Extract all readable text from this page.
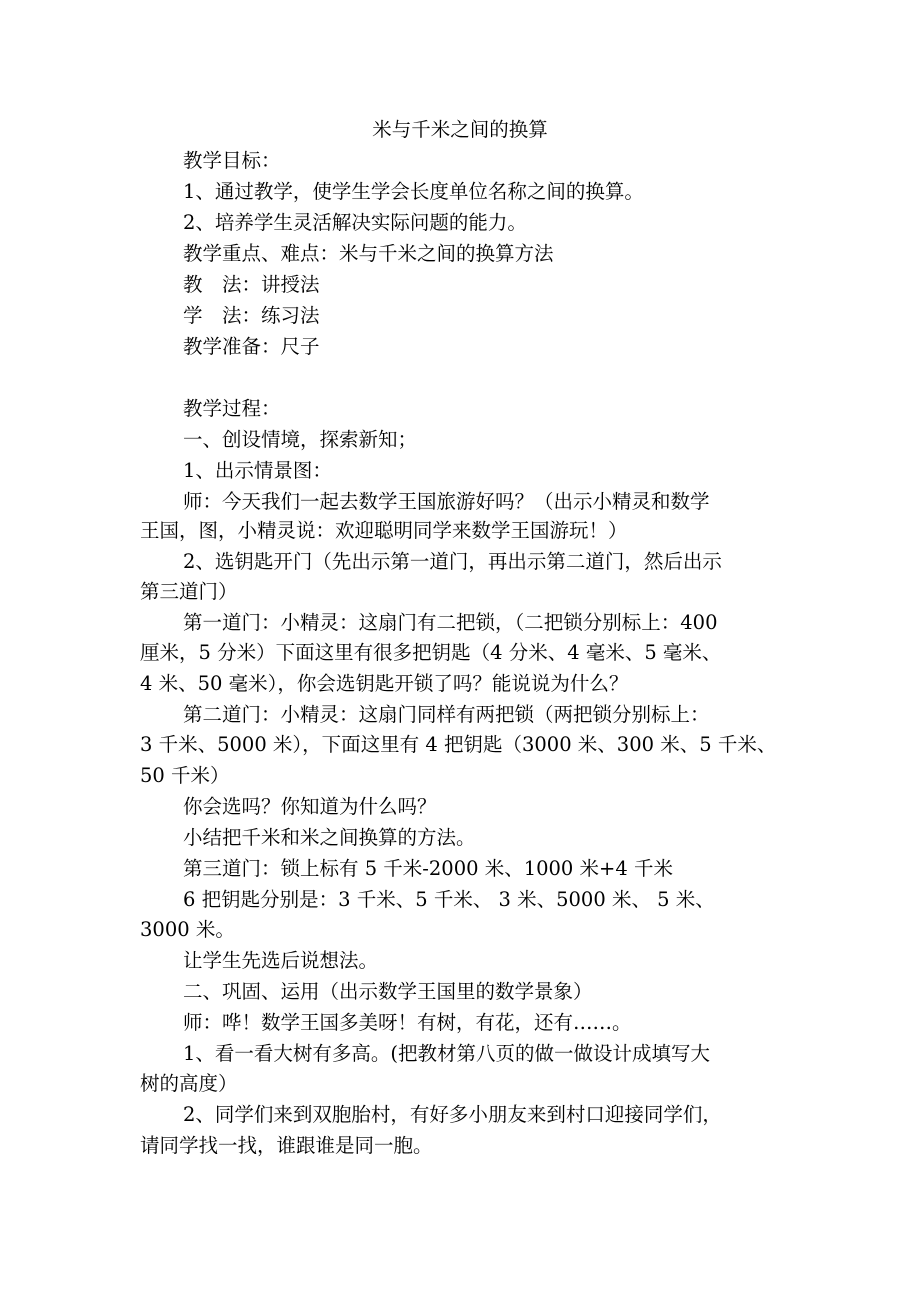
米与千米之间的换算
教学目标：
1、通过教学，使学生学会长度单位名称之间的换算。
2、培养学生灵活解决实际问题的能力。
教学重点、难点：米与千米之间的换算方法
教　法：讲授法
学　法：练习法
教学准备：尺子
教学过程：
一、创设情境，探索新知；
1、出示情景图：
师：今天我们一起去数学王国旅游好吗？（出示小精灵和数学
王国，图，小精灵说：欢迎聪明同学来数学王国游玩！）
2、选钥匙开门（先出示第一道门，再出示第二道门，然后出示
第三道门）
第一道门：小精灵：这扇门有二把锁，（二把锁分别标上：400
厘米，5 分米）下面这里有很多把钥匙（4 分米、4 毫米、5 毫米、
4 米、50 毫米），你会选钥匙开锁了吗？能说说为什么？
第二道门：小精灵：这扇门同样有两把锁（两把锁分别标上：
3 千米、5000 米），下面这里有 4 把钥匙（3000 米、300 米、5 千米、
50 千米）
你会选吗？你知道为什么吗？
小结把千米和米之间换算的方法。
第三道门：锁上标有 5 千米-2000 米、1000 米+4 千米
6 把钥匙分别是：3 千米、5 千米、 3 米、5000 米、 5 米、
3000 米。
让学生先选后说想法。
二、巩固、运用（出示数学王国里的数学景象）
师：哗！数学王国多美呀！有树，有花，还有……。
1、看一看大树有多高。(把教材第八页的做一做设计成填写大
树的高度）
2、同学们来到双胞胎村，有好多小朋友来到村口迎接同学们，
请同学找一找，谁跟谁是同一胞。
